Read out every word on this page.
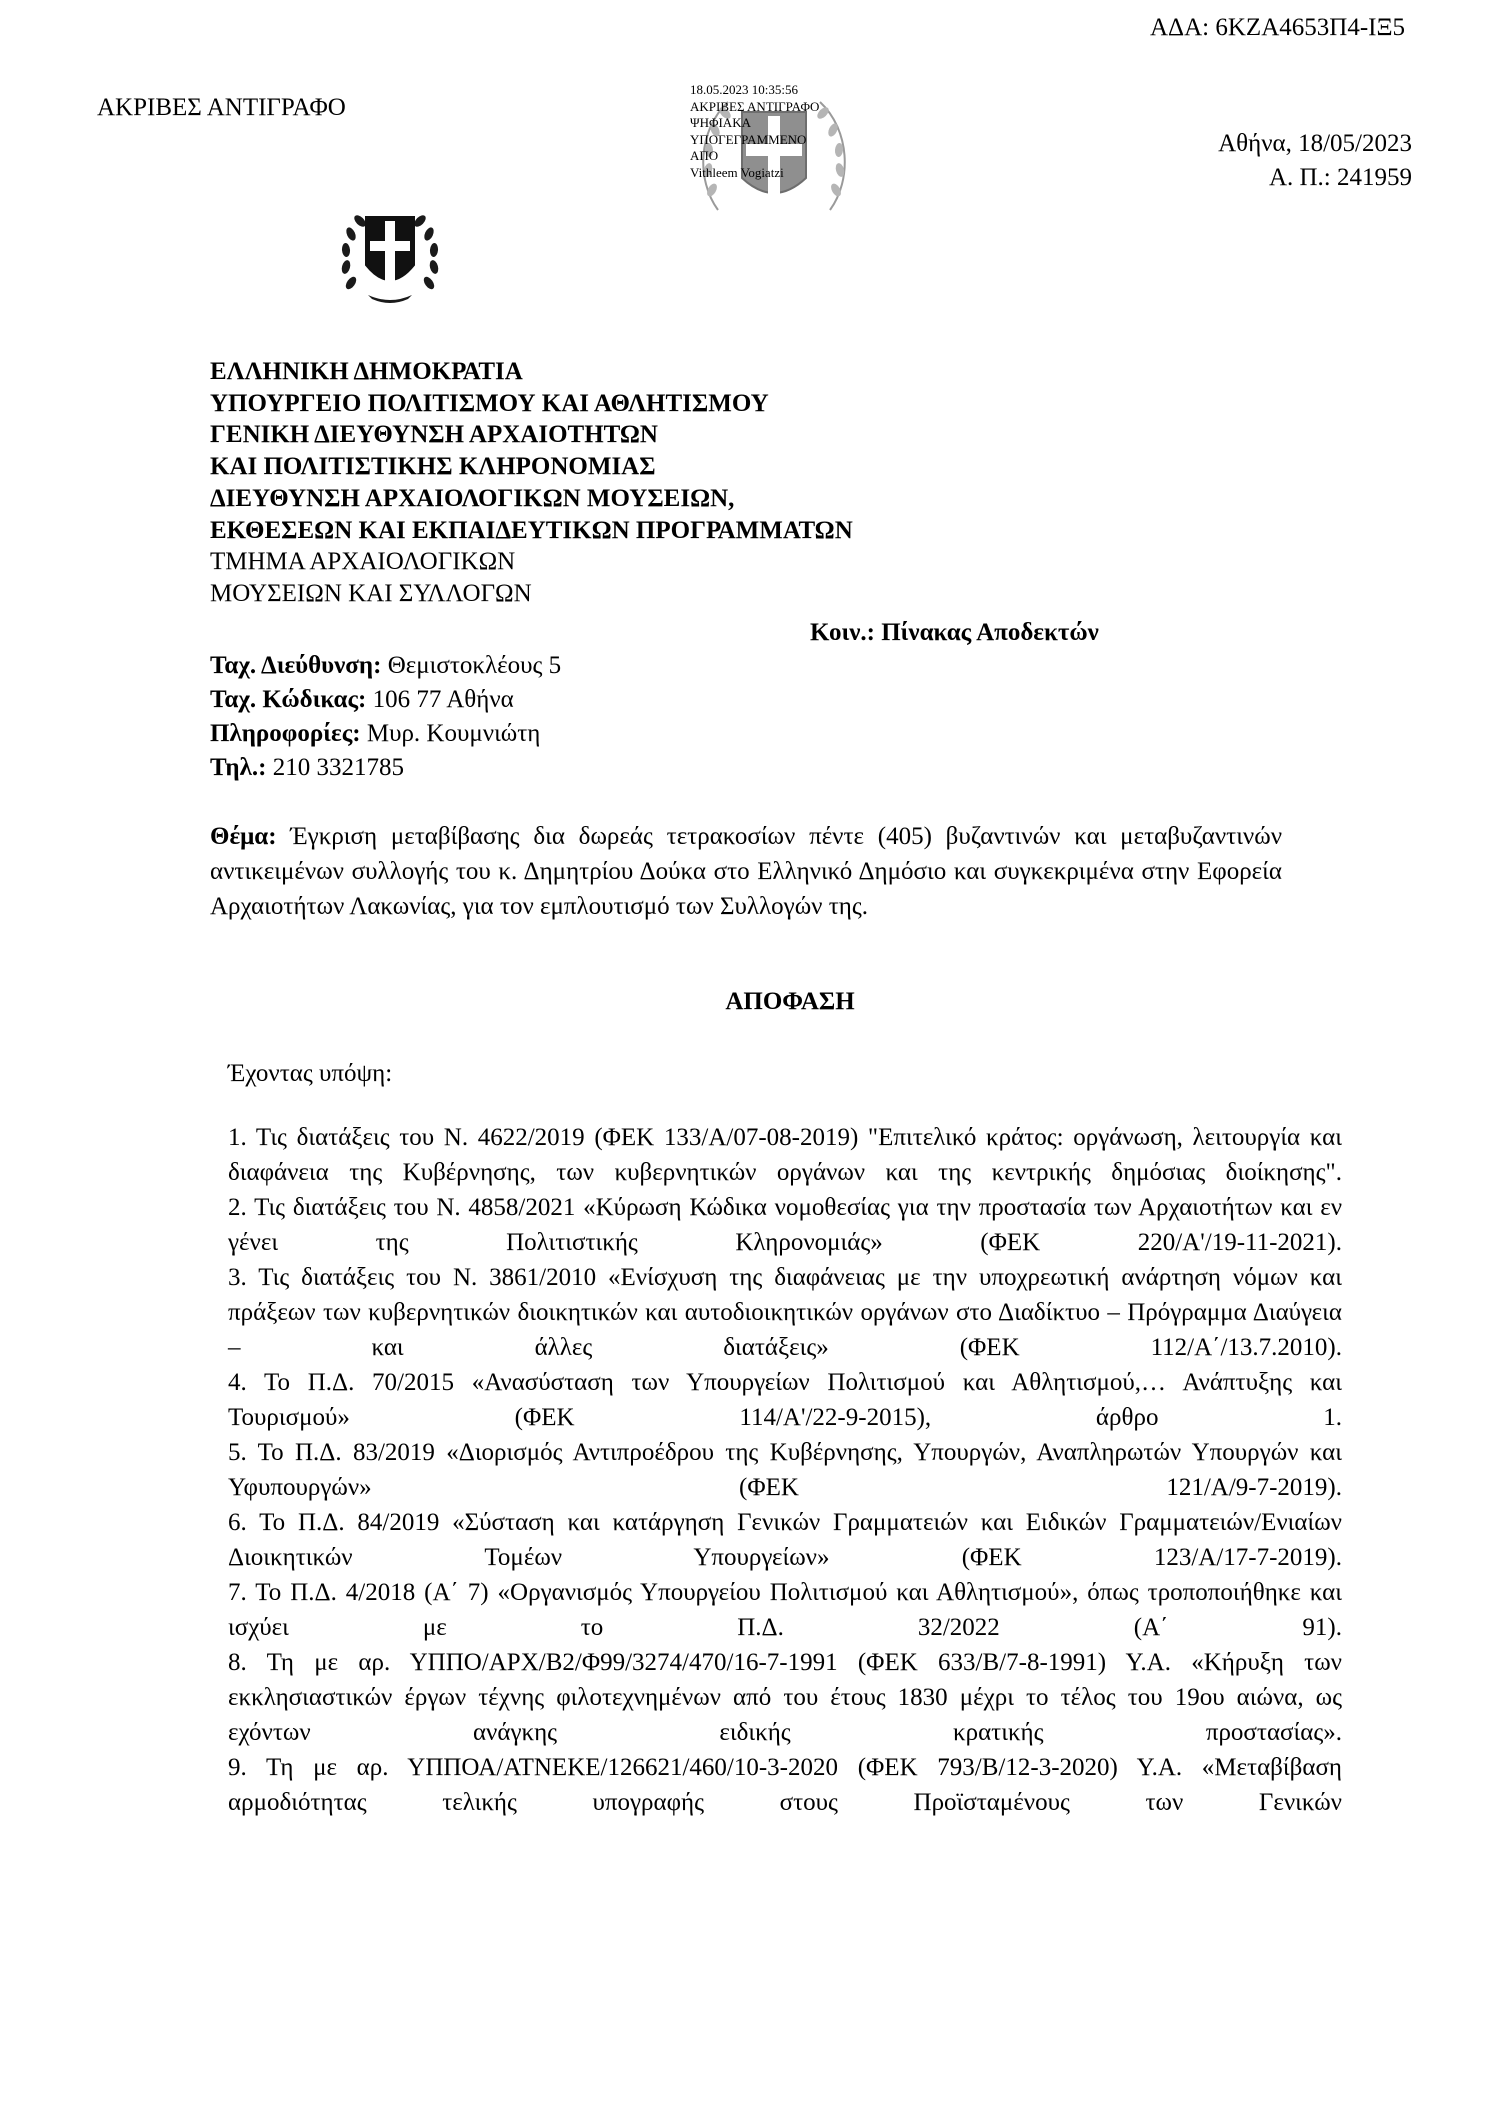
ΑΔΑ: 6ΚΖΑ4653Π4-ΙΞ5
ΑΚΡΙΒΕΣ ΑΝΤΙΓΡΑΦΟ
18.05.2023 10:35:56
ΑΚΡΙΒΕΣ ΑΝΤΙΓΡΑΦΟ
ΨΗΦΙΑΚΑ
ΥΠΟΓΕΓΡΑΜΜΕΝΟ
ΑΠΟ
Vithleem Vogiatzi
Αθήνα, 18/05/2023
Α. Π.: 241959
ΕΛΛΗΝΙΚΗ ΔΗΜΟΚΡΑΤΙΑ
ΥΠΟΥΡΓΕΙΟ ΠΟΛΙΤΙΣΜΟΥ ΚΑΙ ΑΘΛΗΤΙΣΜΟΥ
ΓΕΝΙΚΗ ΔΙΕΥΘΥΝΣΗ ΑΡΧΑΙΟΤΗΤΩΝ
ΚΑΙ ΠΟΛΙΤΙΣΤΙΚΗΣ ΚΛΗΡΟΝΟΜΙΑΣ
ΔΙΕΥΘΥΝΣΗ ΑΡΧΑΙΟΛΟΓΙΚΩΝ ΜΟΥΣΕΙΩΝ,
ΕΚΘΕΣΕΩΝ ΚΑΙ ΕΚΠΑΙΔΕΥΤΙΚΩΝ ΠΡΟΓΡΑΜΜΑΤΩΝ
ΤΜΗΜΑ ΑΡΧΑΙΟΛΟΓΙΚΩΝ
ΜΟΥΣΕΙΩΝ ΚΑΙ ΣΥΛΛΟΓΩΝ
Κοιν.: Πίνακας Αποδεκτών
Ταχ. Διεύθυνση: Θεμιστοκλέους 5
Ταχ. Κώδικας: 106 77 Αθήνα
Πληροφορίες: Μυρ. Κουμνιώτη
Τηλ.: 210 3321785
Θέμα: Έγκριση μεταβίβασης δια δωρεάς τετρακοσίων πέντε (405) βυζαντινών και μεταβυζαντινών αντικειμένων συλλογής του κ. Δημητρίου Δούκα στο Ελληνικό Δημόσιο και συγκεκριμένα στην Εφορεία Αρχαιοτήτων Λακωνίας, για τον εμπλουτισμό των Συλλογών της.
ΑΠΟΦΑΣΗ
Έχοντας υπόψη:
1. Τις διατάξεις του Ν. 4622/2019 (ΦΕΚ 133/Α/07-08-2019) "Επιτελικό κράτος: οργάνωση, λειτουργία και διαφάνεια της Κυβέρνησης, των κυβερνητικών οργάνων και της κεντρικής δημόσιας διοίκησης".
2. Τις διατάξεις του Ν. 4858/2021 «Κύρωση Κώδικα νομοθεσίας για την προστασία των Αρχαιοτήτων και εν γένει της Πολιτιστικής Κληρονομιάς» (ΦΕΚ 220/Α'/19-11-2021).
3. Τις διατάξεις του Ν. 3861/2010 «Ενίσχυση της διαφάνειας με την υποχρεωτική ανάρτηση νόμων και πράξεων των κυβερνητικών διοικητικών και αυτοδιοικητικών οργάνων στο Διαδίκτυο – Πρόγραμμα Διαύγεια – και άλλες διατάξεις» (ΦΕΚ 112/Α΄/13.7.2010).
4. Το Π.Δ. 70/2015 «Ανασύσταση των Υπουργείων Πολιτισμού και Αθλητισμού,… Ανάπτυξης και Τουρισμού» (ΦΕΚ 114/Α'/22-9-2015), άρθρο 1.
5. Το Π.Δ. 83/2019 «Διορισμός Αντιπροέδρου της Κυβέρνησης, Υπουργών, Αναπληρωτών Υπουργών και Υφυπουργών» (ΦΕΚ 121/Α/9-7-2019).
6. Το Π.Δ. 84/2019 «Σύσταση και κατάργηση Γενικών Γραμματειών και Ειδικών Γραμματειών/Ενιαίων Διοικητικών Τομέων Υπουργείων» (ΦΕΚ 123/Α/17-7-2019).
7. Το Π.Δ. 4/2018 (Α΄ 7) «Οργανισμός Υπουργείου Πολιτισμού και Αθλητισμού», όπως τροποποιήθηκε και ισχύει με το Π.Δ. 32/2022 (Α΄ 91).
8. Τη με αρ. ΥΠΠΟ/ΑΡΧ/Β2/Φ99/3274/470/16-7-1991 (ΦΕΚ 633/Β/7-8-1991) Υ.Α. «Κήρυξη των εκκλησιαστικών έργων τέχνης φιλοτεχνημένων από του έτους 1830 μέχρι το τέλος του 19ου αιώνα, ως εχόντων ανάγκης ειδικής κρατικής προστασίας».
9. Τη με αρ. ΥΠΠΟΑ/ΑΤΝΕΚΕ/126621/460/10-3-2020 (ΦΕΚ 793/Β/12-3-2020) Υ.Α. «Μεταβίβαση αρμοδιότητας τελικής υπογραφής στους Προϊσταμένους των Γενικών
